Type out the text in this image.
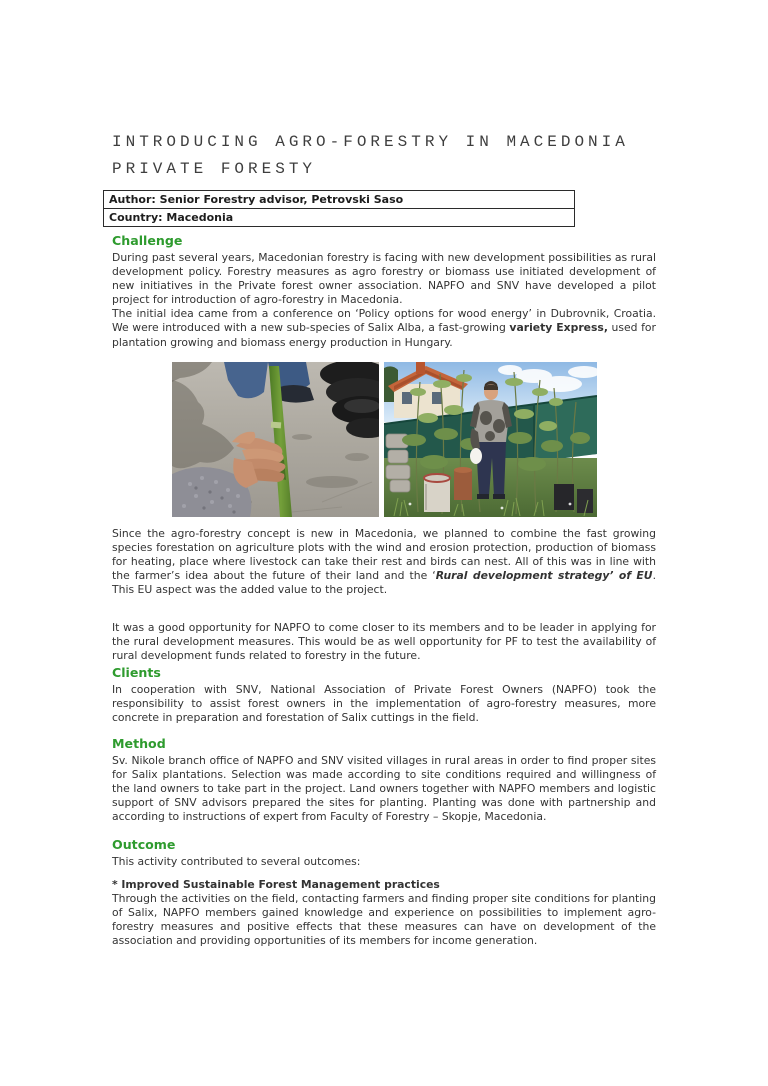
INTRODUCING AGRO-FORESTRY IN MACEDONIA
PRIVATE FORESTY
Author: Senior Forestry advisor, Petrovski Saso
Country: Macedonia
Challenge

During past several years, Macedonian forestry is facing with new development possibilities as rural development policy. Forestry measures as agro forestry or biomass use initiated development of new initiatives in the Private forest owner association. NAPFO and SNV have developed a pilot project for introduction of agro-forestry in Macedonia.

The initial idea came from a conference on ‘Policy options for wood energy’ in Dubrovnik, Croatia. We were introduced with a new sub-species of Salix Alba, a fast-growing variety Express, used for plantation growing and biomass energy production in Hungary.

Since the agro-forestry concept is new in Macedonia, we planned to combine the fast growing species forestation on agriculture plots with the wind and erosion protection, production of biomass for heating, place where livestock can take their rest and birds can nest. All of this was in line with the farmer’s idea about the future of their land and the ‘Rural development strategy’ of EU. This EU aspect was the added value to the project.

It was a good opportunity for NAPFO to come closer to its members and to be leader in applying for the rural development measures. This would be as well opportunity for PF to test the availability of rural development funds related to forestry in the future.

Clients

In cooperation with SNV, National Association of Private Forest Owners (NAPFO) took the responsibility to assist forest owners in the implementation of agro-forestry measures, more concrete in preparation and forestation of Salix cuttings in the field.

Method

Sv. Nikole branch office of NAPFO and SNV visited villages in rural areas in order to find proper sites for Salix plantations. Selection was made according to site conditions required and willingness of the land owners to take part in the project. Land owners together with NAPFO members and logistic support of SNV advisors prepared the sites for planting. Planting was done with partnership and according to instructions of expert from Faculty of Forestry – Skopje, Macedonia.

Outcome

This activity contributed to several outcomes:

* Improved Sustainable Forest Management practices

Through the activities on the field, contacting farmers and finding proper site conditions for planting of Salix, NAPFO members gained knowledge and experience on possibilities to implement agro-forestry measures and positive effects that these measures can have on development of the association and providing opportunities of its members for income generation.
